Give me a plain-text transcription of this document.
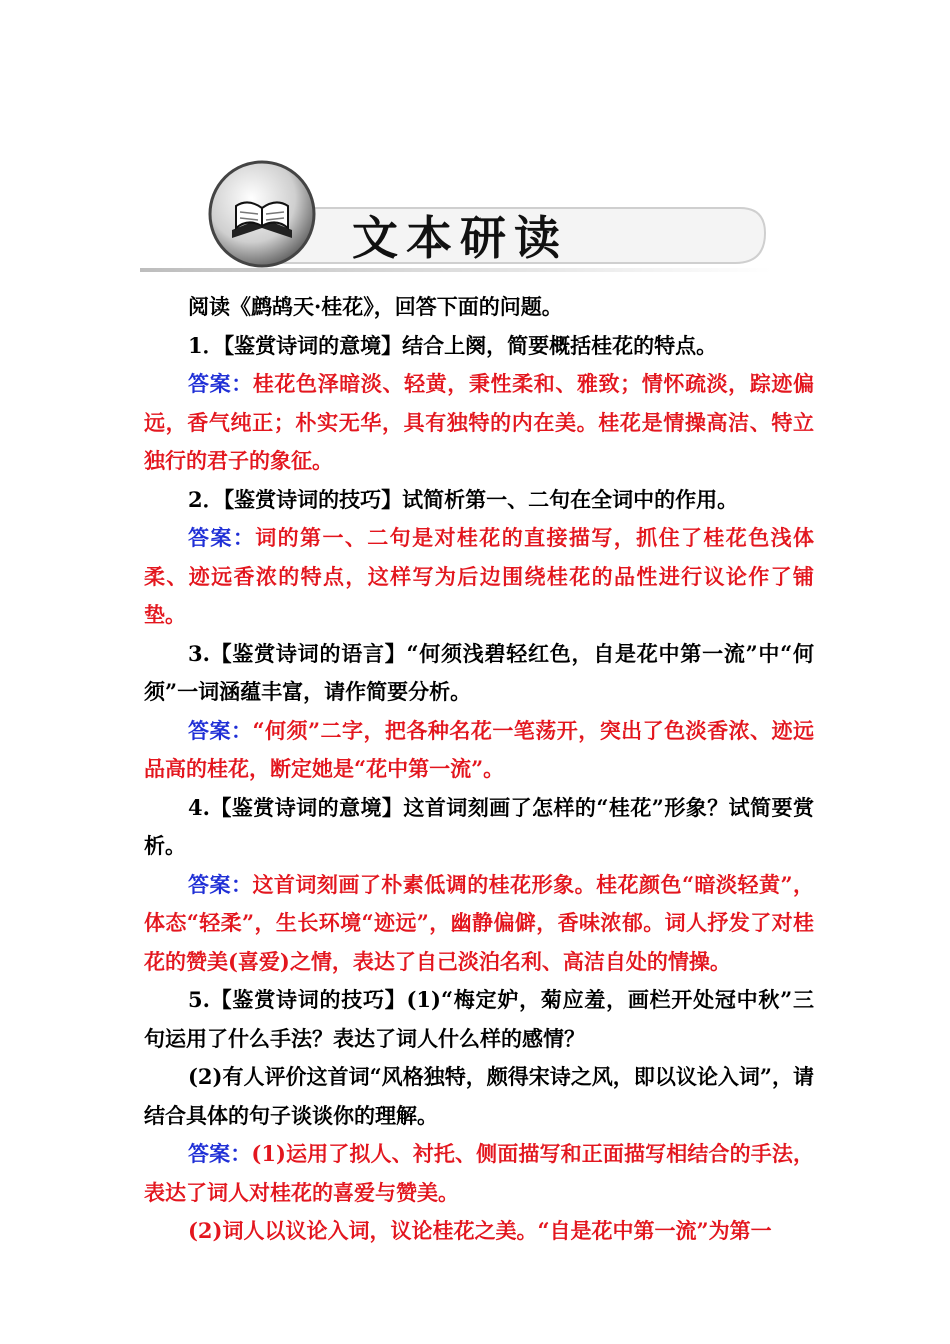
文本研读

阅读《鹧鸪天·桂花》，回答下面的问题。

1．【鉴赏诗词的意境】结合上阕，简要概括桂花的特点。

答案：桂花色泽暗淡、轻黄，秉性柔和、雅致；情怀疏淡，踪迹偏远，香气纯正；朴实无华，具有独特的内在美。桂花是情操高洁、特立独行的君子的象征。

2．【鉴赏诗词的技巧】试简析第一、二句在全词中的作用。

答案：词的第一、二句是对桂花的直接描写，抓住了桂花色浅体柔、迹远香浓的特点，这样写为后边围绕桂花的品性进行议论作了铺垫。

3.【鉴赏诗词的语言】“何须浅碧轻红色，自是花中第一流”中“何须”一词涵蕴丰富，请作简要分析。

答案：“何须”二字，把各种名花一笔荡开，突出了色淡香浓、迹远品高的桂花，断定她是“花中第一流”。

4.【鉴赏诗词的意境】这首词刻画了怎样的“桂花”形象？试简要赏析。

答案：这首词刻画了朴素低调的桂花形象。桂花颜色“暗淡轻黄”，体态“轻柔”，生长环境“迹远”，幽静偏僻，香味浓郁。词人抒发了对桂花的赞美(喜爱)之情，表达了自己淡泊名利、高洁自处的情操。

5.【鉴赏诗词的技巧】(1)“梅定妒，菊应羞，画栏开处冠中秋”三句运用了什么手法？表达了词人什么样的感情？

(2)有人评价这首词“风格独特，颇得宋诗之风，即以议论入词”，请结合具体的句子谈谈你的理解。

答案：(1)运用了拟人、衬托、侧面描写和正面描写相结合的手法，表达了词人对桂花的喜爱与赞美。

(2)词人以议论入词，议论桂花之美。“自是花中第一流”为第一
